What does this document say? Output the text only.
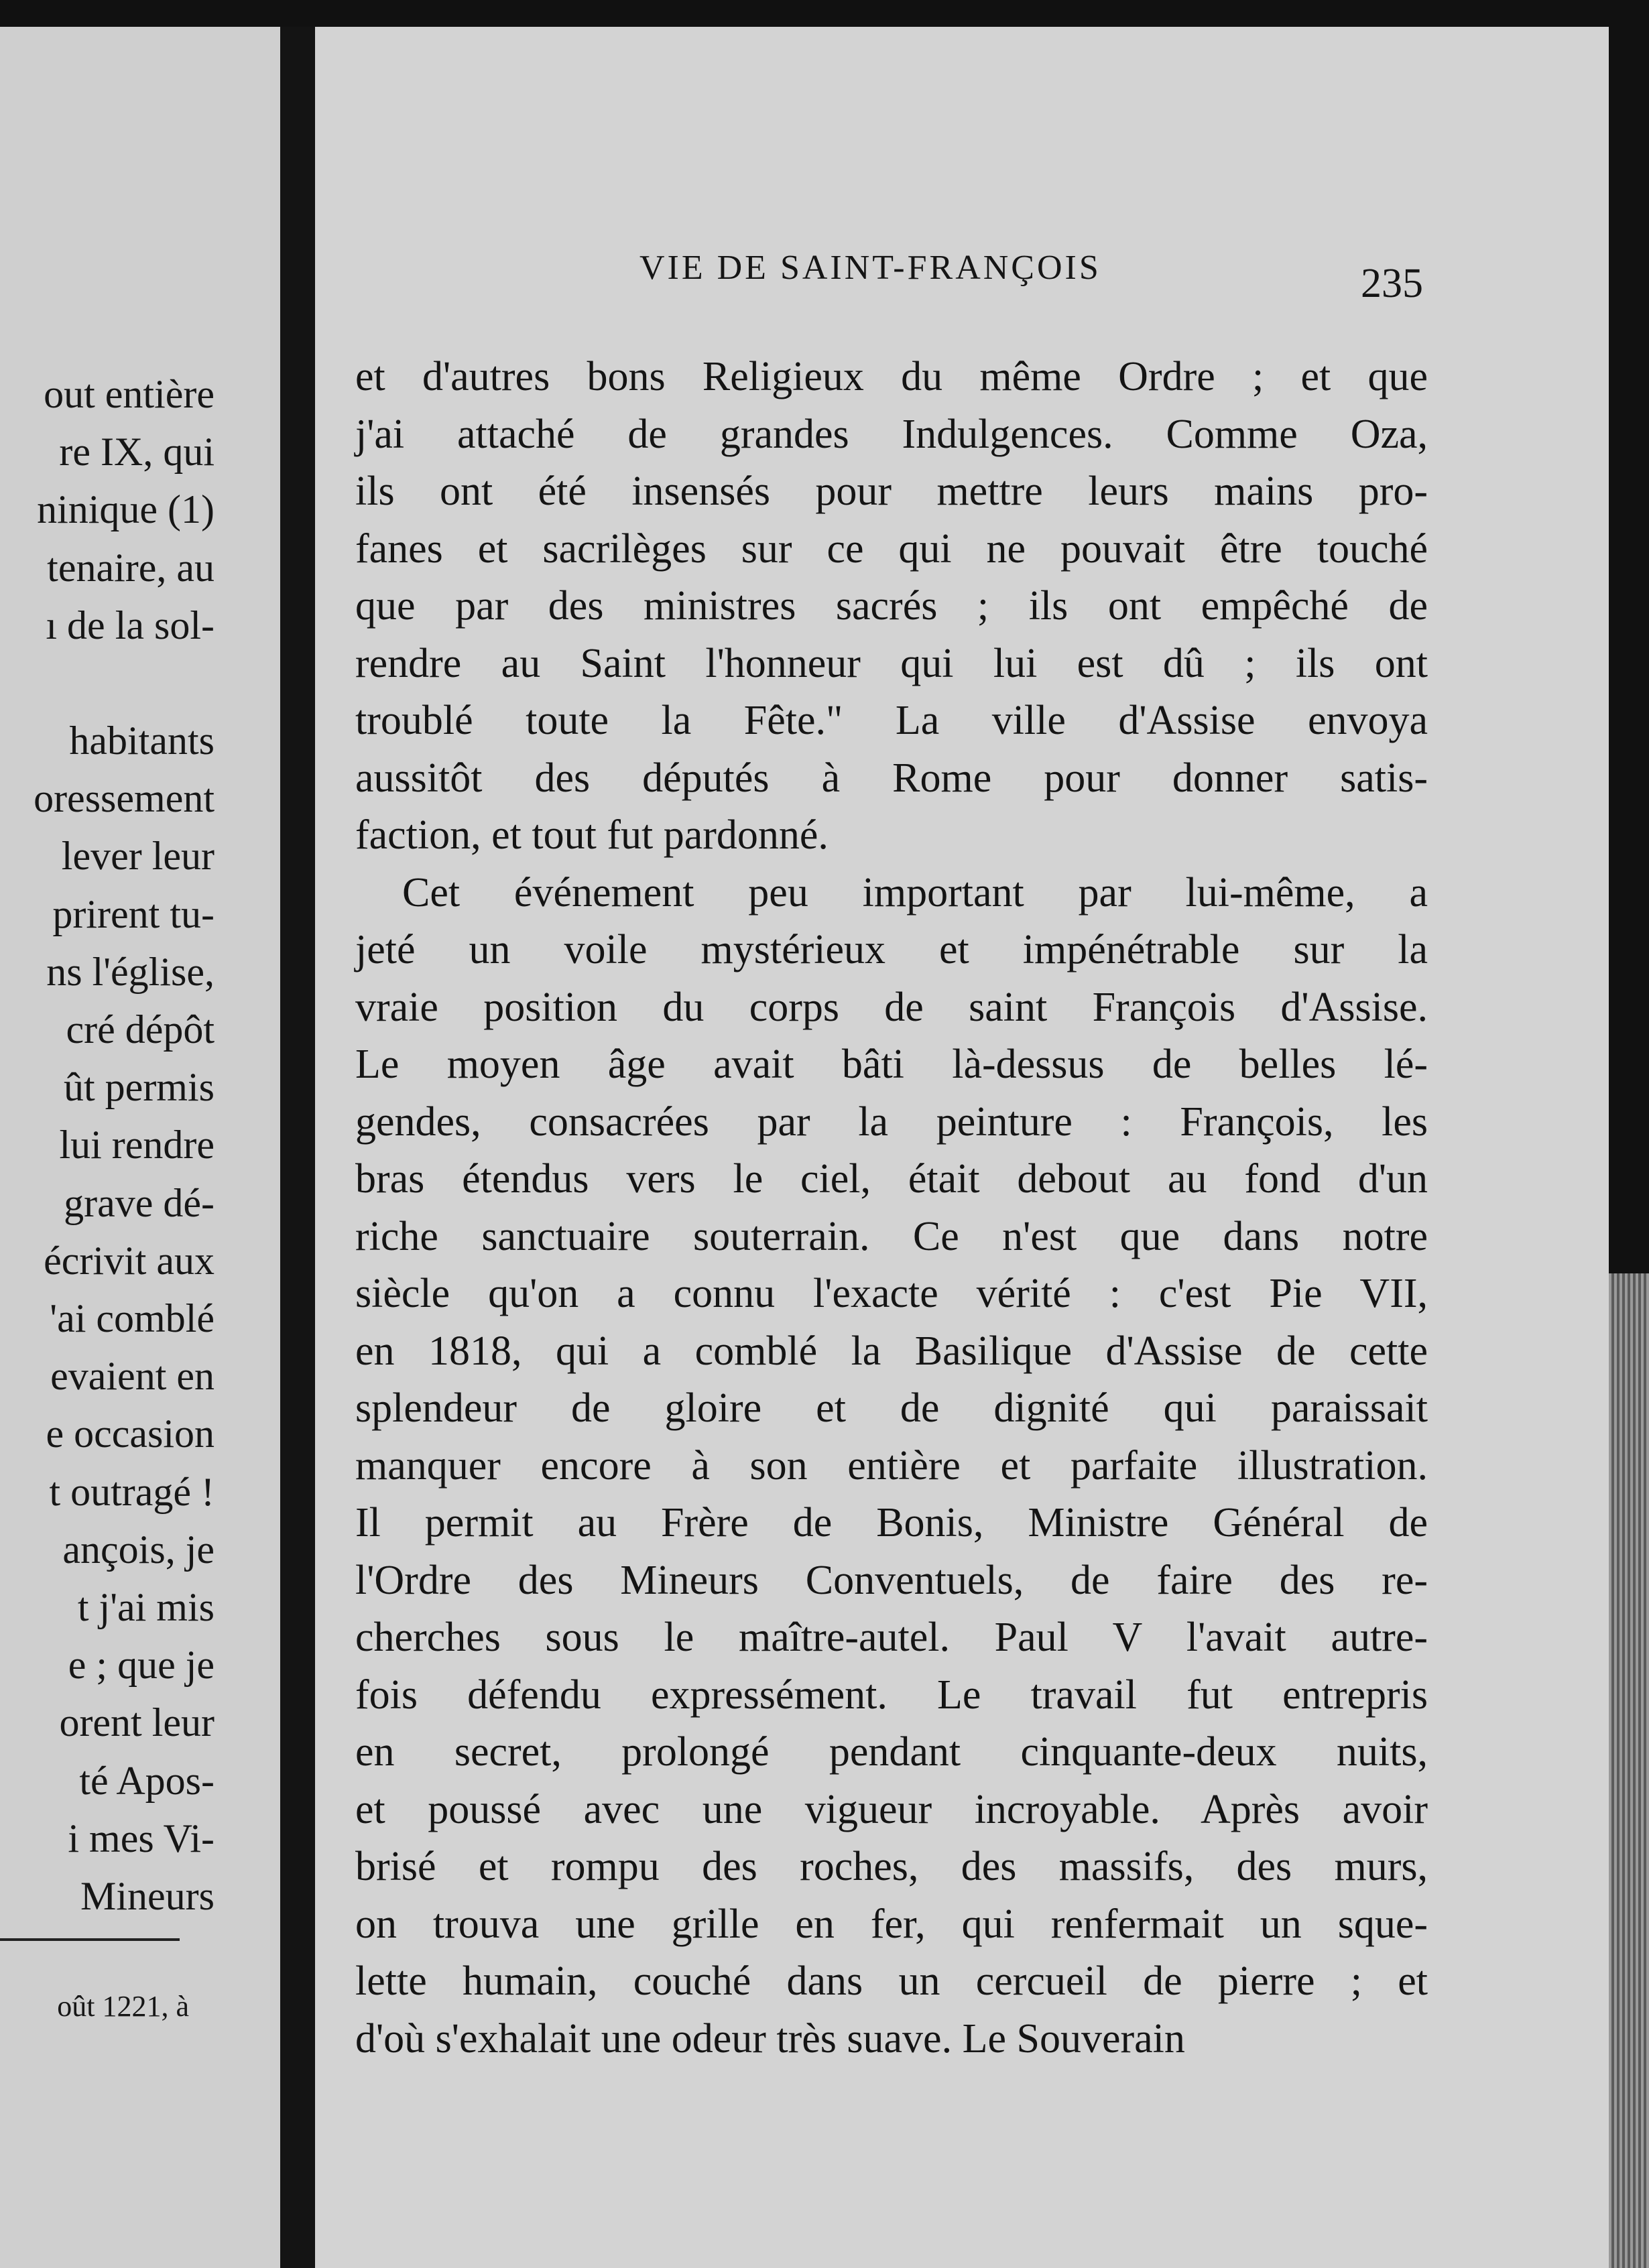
out entière
re IX, qui
ninique (1)
tenaire, au
ı de la sol-
habitants
oressement
lever leur
prirent tu-
ns l'église,
cré dépôt
ût permis
lui rendre
grave dé-
écrivit aux
'ai comblé
evaient en
e occasion
t outragé !
ançois, je
t j'ai mis
e ; que je
orent leur
té Apos-
i mes Vi-
Mineurs
oût 1221, à
VIE DE SAINT-FRANÇOIS	235
et d'autres bons Religieux du même Ordre ; et que
j'ai attaché de grandes Indulgences. Comme Oza,
ils ont été insensés pour mettre leurs mains pro-
fanes et sacrilèges sur ce qui ne pouvait être touché
que par des ministres sacrés ; ils ont empêché de
rendre au Saint l'honneur qui lui est dû ; ils ont
troublé toute la Fête." La ville d'Assise envoya
aussitôt des députés à Rome pour donner satis-
faction, et tout fut pardonné.
Cet événement peu important par lui-même, a
jeté un voile mystérieux et impénétrable sur la
vraie position du corps de saint François d'Assise.
Le moyen âge avait bâti là-dessus de belles lé-
gendes, consacrées par la peinture : François, les
bras étendus vers le ciel, était debout au fond d'un
riche sanctuaire souterrain. Ce n'est que dans notre
siècle qu'on a connu l'exacte vérité : c'est Pie VII,
en 1818, qui a comblé la Basilique d'Assise de cette
splendeur de gloire et de dignité qui paraissait
manquer encore à son entière et parfaite illustration.
Il permit au Frère de Bonis, Ministre Général de
l'Ordre des Mineurs Conventuels, de faire des re-
cherches sous le maître-autel. Paul V l'avait autre-
fois défendu expressément. Le travail fut entrepris
en secret, prolongé pendant cinquante-deux nuits,
et poussé avec une vigueur incroyable. Après avoir
brisé et rompu des roches, des massifs, des murs,
on trouva une grille en fer, qui renfermait un sque-
lette humain, couché dans un cercueil de pierre ; et
d'où s'exhalait une odeur très suave. Le Souverain
